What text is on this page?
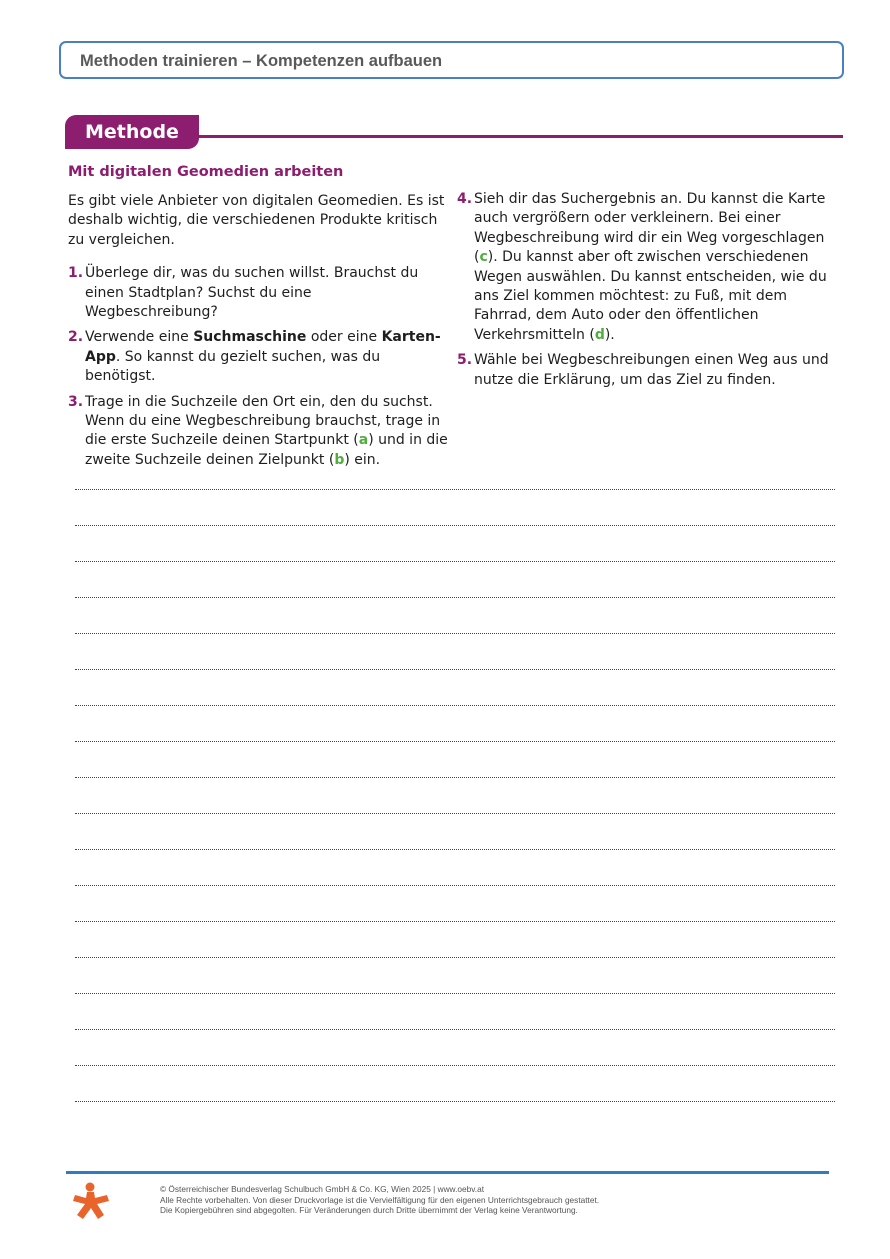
Methoden trainieren – Kompetenzen aufbauen
Methode
Mit digitalen Geomedien arbeiten

Es gibt viele Anbieter von digitalen Geomedien. Es ist deshalb wichtig, die verschiedenen Produkte kritisch zu vergleichen.

1. Überlege dir, was du suchen willst. Brauchst du einen Stadtplan? Suchst du eine Wegbeschreibung?
2. Verwende eine Suchmaschine oder eine Karten-App. So kannst du gezielt suchen, was du benötigst.
3. Trage in die Suchzeile den Ort ein, den du suchst. Wenn du eine Wegbeschreibung brauchst, trage in die erste Suchzeile deinen Startpunkt (a) und in die zweite Suchzeile deinen Zielpunkt (b) ein.
4. Sieh dir das Suchergebnis an. Du kannst die Karte auch vergrößern oder verkleinern. Bei einer Wegbeschreibung wird dir ein Weg vorgeschlagen (c). Du kannst aber oft zwischen verschiedenen Wegen auswählen. Du kannst entscheiden, wie du ans Ziel kommen möchtest: zu Fuß, mit dem Fahrrad, dem Auto oder den öffentlichen Verkehrsmitteln (d).
5. Wähle bei Wegbeschreibungen einen Weg aus und nutze die Erklärung, um das Ziel zu finden.
© Österreichischer Bundesverlag Schulbuch GmbH & Co. KG, Wien 2025 | www.oebv.at
Alle Rechte vorbehalten. Von dieser Druckvorlage ist die Vervielfältigung für den eigenen Unterrichtsgebrauch gestattet.
Die Kopiergebühren sind abgegolten. Für Veränderungen durch Dritte übernimmt der Verlag keine Verantwortung.
